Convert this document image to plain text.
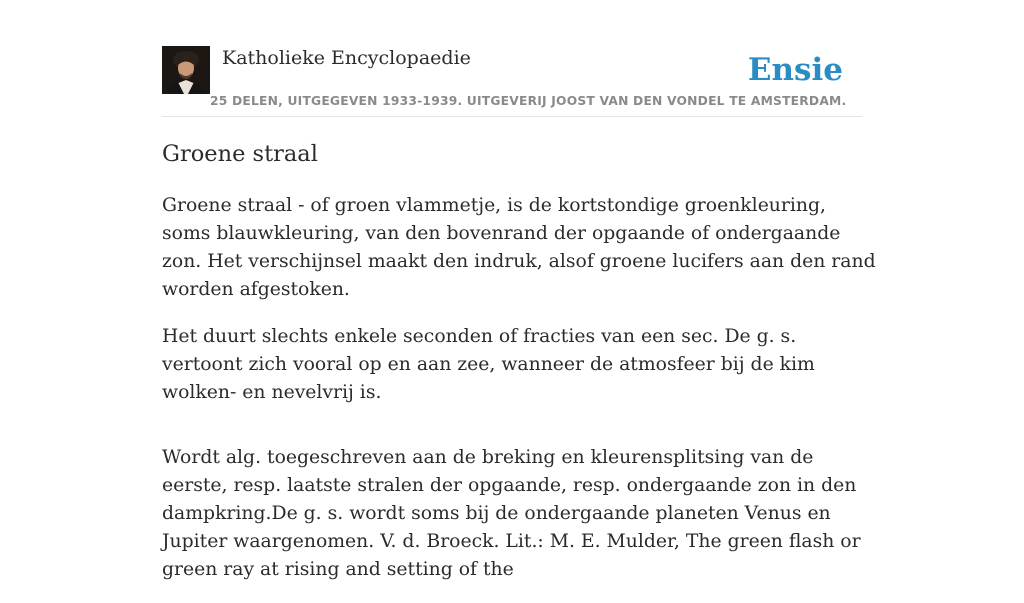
Katholieke Encyclopaedie
25 DELEN, UITGEGEVEN 1933-1939. UITGEVERIJ JOOST VAN DEN VONDEL TE AMSTERDAM.
Ensie
Groene straal

Groene straal - of groen vlammetje, is de kortstondige groenkleuring, soms blauwkleuring, van den bovenrand der opgaande of ondergaande zon. Het verschijnsel maakt den indruk, alsof groene lucifers aan den rand worden afgestoken.

Het duurt slechts enkele seconden of fracties van een sec. De g. s. vertoont zich vooral op en aan zee, wanneer de atmosfeer bij de kim wolken- en nevelvrij is.

Wordt alg. toegeschreven aan de breking en kleurensplitsing van de eerste, resp. laatste stralen der opgaande, resp. ondergaande zon in den dampkring.De g. s. wordt soms bij de ondergaande planeten Venus en Jupiter waargenomen. V. d. Broeck. Lit.: M. E. Mulder, The green flash or green ray at rising and setting of the
